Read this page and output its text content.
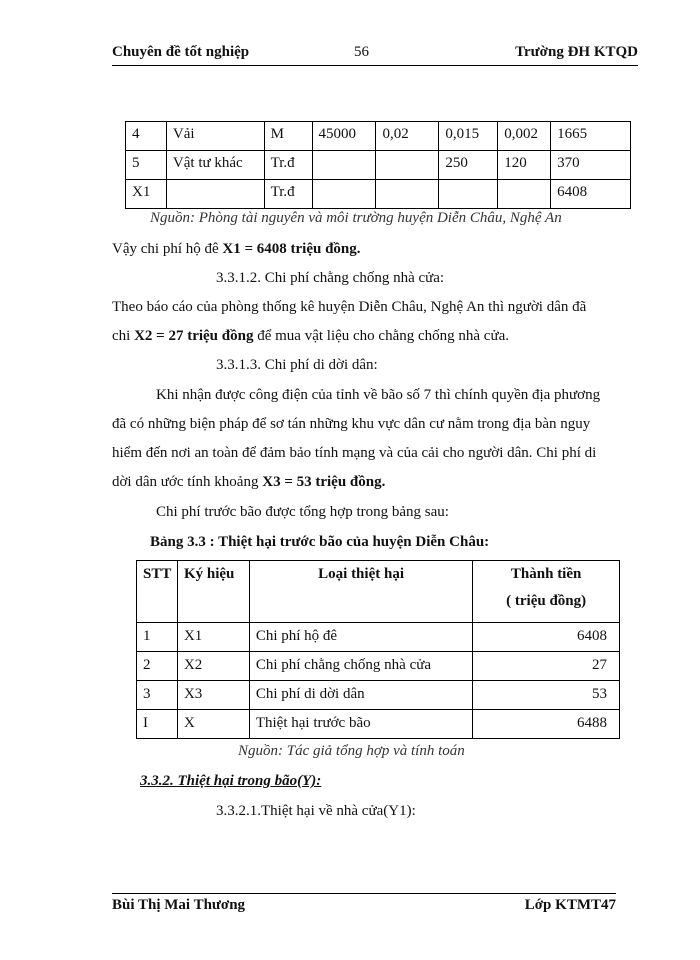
Chuyên đề tốt nghiệp	56	Trường ĐH KTQD
4	Vải	M	45000	0,02	0,015	0,002	1665
5	Vật tư khác	Tr.đ			250	120	370
X1		Tr.đ					6408
Nguồn: Phòng tài nguyên và môi trường huyện Diễn Châu, Nghệ An
Vậy chi phí hộ đê X1 = 6408 triệu đồng.
3.3.1.2. Chi phí chằng chống nhà cửa:
Theo báo cáo của phòng thống kê huyện Diễn Châu, Nghệ An thì người dân đã
chi X2 = 27 triệu đồng để mua vật liệu cho chằng chống nhà cửa.
3.3.1.3. Chi phí di dời dân:
Khi nhận được công điện của tỉnh về bão số 7 thì chính quyền địa phương
đã có những biện pháp để sơ tán những khu vực dân cư nằm trong địa bàn nguy
hiểm đến nơi an toàn để đảm bảo tính mạng và của cải cho người dân. Chi phí di
dời dân ước tính khoảng X3 = 53 triệu đồng.
Chi phí trước bão được tổng hợp trong bảng sau:
Bảng 3.3 : Thiệt hại trước bão của huyện Diễn Châu:
STT	Ký hiệu	Loại thiệt hại	Thành tiền
( triệu đồng)

1	X1	Chi phí hộ đê	6408
2	X2	Chi phí chằng chống nhà cửa	27
3	X3	Chi phí di dời dân	53
I	X	Thiệt hại trước bão	6488
Nguồn: Tác giả tổng hợp và tính toán
3.3.2. Thiệt hại trong bão(Y):
3.3.2.1.Thiệt hại về nhà cửa(Y1):
Bùi Thị Mai Thương	Lớp KTMT47
